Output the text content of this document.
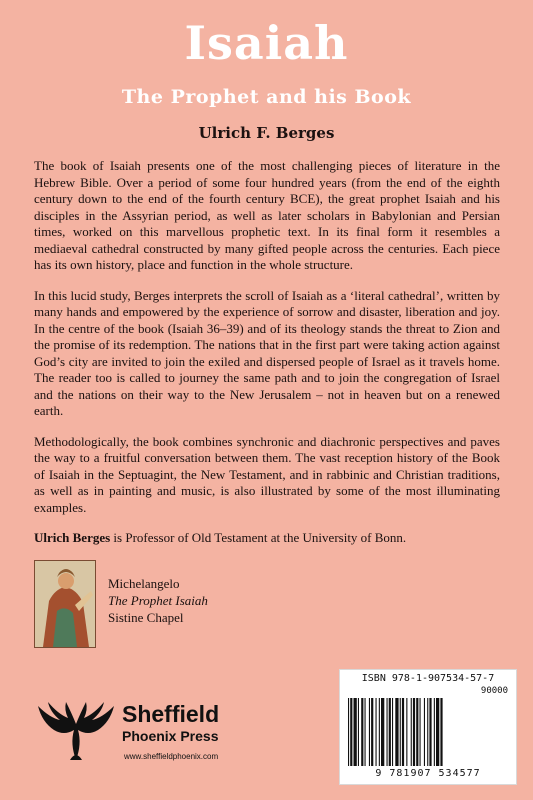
Isaiah
The Prophet and his Book
Ulrich F. Berges

The book of Isaiah presents one of the most challenging pieces of literature in the Hebrew Bible. Over a period of some four hundred years (from the end of the eighth century down to the end of the fourth century BCE), the great prophet Isaiah and his disciples in the Assyrian period, as well as later scholars in Babylonian and Persian times, worked on this marvellous prophetic text. In its final form it resembles a mediaeval cathedral constructed by many gifted people across the centuries. Each piece has its own history, place and function in the whole structure.

In this lucid study, Berges interprets the scroll of Isaiah as a ‘literal cathedral’, written by many hands and empowered by the experience of sorrow and disaster, liberation and joy. In the centre of the book (Isaiah 36–39) and of its theology stands the threat to Zion and the promise of its redemption. The nations that in the first part were taking action against God’s city are invited to join the exiled and dispersed people of Israel as it travels home. The reader too is called to journey the same path and to join the congregation of Israel and the nations on their way to the New Jerusalem – not in heaven but on a renewed earth.

Methodologically, the book combines synchronic and diachronic perspectives and paves the way to a fruitful conversation between them. The vast reception history of the Book of Isaiah in the Septuagint, the New Testament, and in rabbinic and Christian traditions, as well as in painting and music, is also illustrated by some of the most illuminating examples.

Ulrich Berges is Professor of Old Testament at the University of Bonn.

Michelangelo
The Prophet Isaiah
Sistine Chapel
ISBN 978-1-907534-57-7
90000
9 781907 534577
Sheffield
Phoenix Press
www.sheffieldphoenix.com
